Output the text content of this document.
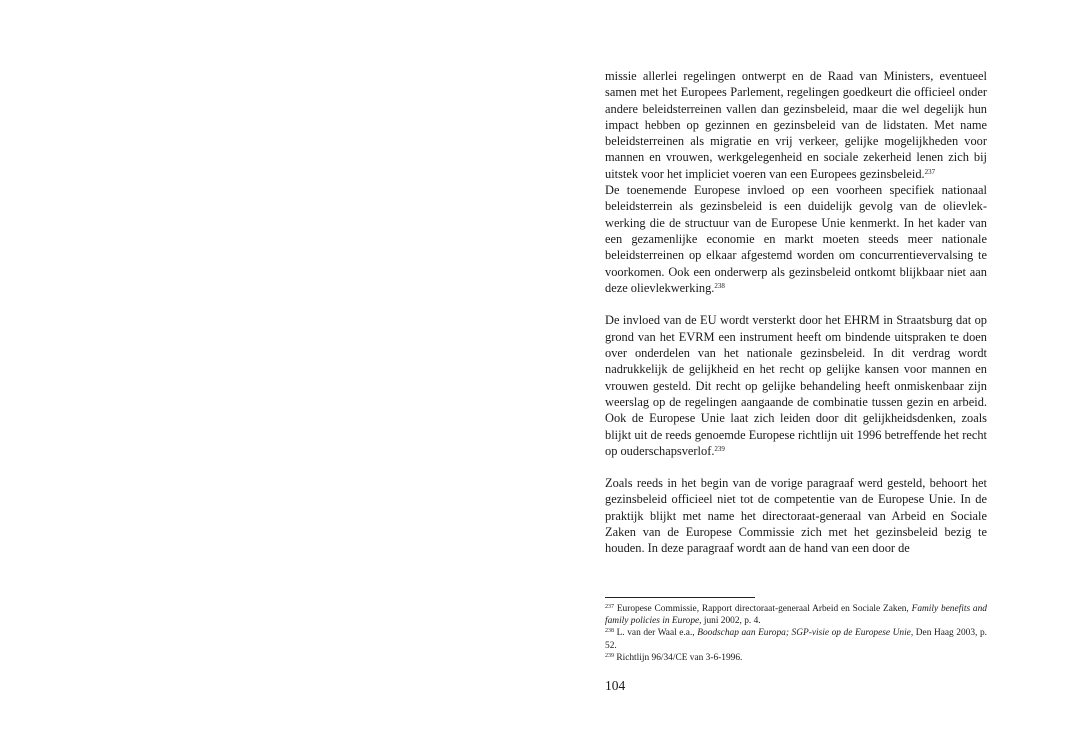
missie allerlei regelingen ontwerpt en de Raad van Ministers, eventueel samen met het Europees Parlement, regelingen goedkeurt die officieel onder andere beleidsterreinen vallen dan gezinsbeleid, maar die wel degelijk hun impact hebben op gezinnen en gezinsbeleid van de lidstaten. Met name beleidsterreinen als migratie en vrij verkeer, gelijke mogelijkheden voor mannen en vrouwen, werkgelegenheid en sociale zekerheid lenen zich bij uitstek voor het impliciet voeren van een Europees gezinsbeleid.$^{237}$

De toenemende Europese invloed op een voorheen specifiek nationaal beleidsterrein als gezinsbeleid is een duidelijk gevolg van de olievlekwerking die de structuur van de Europese Unie kenmerkt. In het kader van een gezamenlijke economie en markt moeten steeds meer nationale beleidsterreinen op elkaar afgestemd worden om concurrentievervalsing te voorkomen. Ook een onderwerp als gezinsbeleid ontkomt blijkbaar niet aan deze olievlekwerking.$^{238}$

De invloed van de EU wordt versterkt door het EHRM in Straatsburg dat op grond van het EVRM een instrument heeft om bindende uitspraken te doen over onderdelen van het nationale gezinsbeleid. In dit verdrag wordt nadrukkelijk de gelijkheid en het recht op gelijke kansen voor mannen en vrouwen gesteld. Dit recht op gelijke behandeling heeft onmiskenbaar zijn weerslag op de regelingen aangaande de combinatie tussen gezin en arbeid. Ook de Europese Unie laat zich leiden door dit gelijkheidsdenken, zoals blijkt uit de reeds genoemde Europese richtlijn uit 1996 betreffende het recht op ouderschapsverlof.$^{239}$

Zoals reeds in het begin van de vorige paragraaf werd gesteld, behoort het gezinsbeleid officieel niet tot de competentie van de Europese Unie. In de praktijk blijkt met name het directoraat-generaal van Arbeid en Sociale Zaken van de Europese Commissie zich met het gezinsbeleid bezig te houden. In deze paragraaf wordt aan de hand van een door de

$^{237}$ Europese Commissie, Rapport directoraat-generaal Arbeid en Sociale Zaken, Family benefits and family policies in Europe, juni 2002, p. 4.

$^{238}$ L. van der Waal e.a., Boodschap aan Europa; SGP-visie op de Europese Unie, Den Haag 2003, p. 52.

$^{239}$ Richtlijn 96/34/CE van 3-6-1996.

104
